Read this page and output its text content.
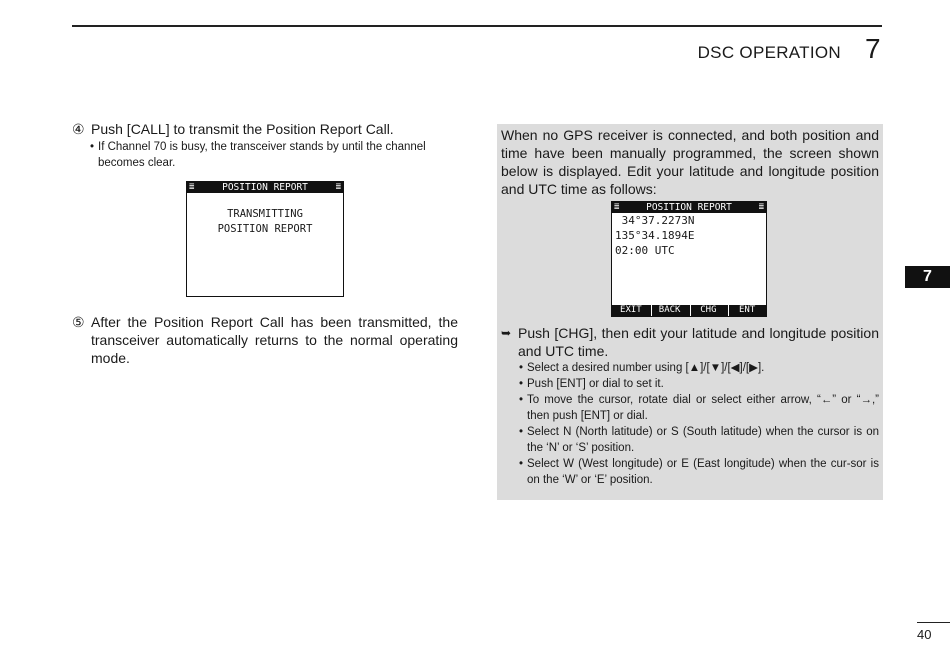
DSC OPERATION 7
7
④ Push [CALL] to transmit the Position Report Call.
• If Channel 70 is busy, the transceiver stands by until the channel becomes clear.
≣	POSITION REPORT	≣
TRANSMITTING
POSITION REPORT
⑤ After the Position Report Call has been transmitted, the transceiver automatically returns to the normal operating mode.
When no GPS receiver is connected, and both position and time have been manually programmed, the screen shown below is displayed. Edit your latitude and longitude position and UTC time as follows:
≣	POSITION REPORT	≣
34°37.2273N
135°34.1894E
02:00 UTC
EXIT	BACK	CHG	ENT
➥ Push [CHG], then edit your latitude and longitude position and UTC time.
• Select a desired number using [▲]/[▼]/[◀]/[▶].
• Push [ENT] or dial to set it.
• To move the cursor, rotate dial or select either arrow, “←” or “→,” then push [ENT] or dial.
• Select N (North latitude) or S (South latitude) when the cursor is on the ‘N’ or ‘S’ position.
• Select W (West longitude) or E (East longitude) when the cur-sor is on the ‘W’ or ‘E’ position.
40
